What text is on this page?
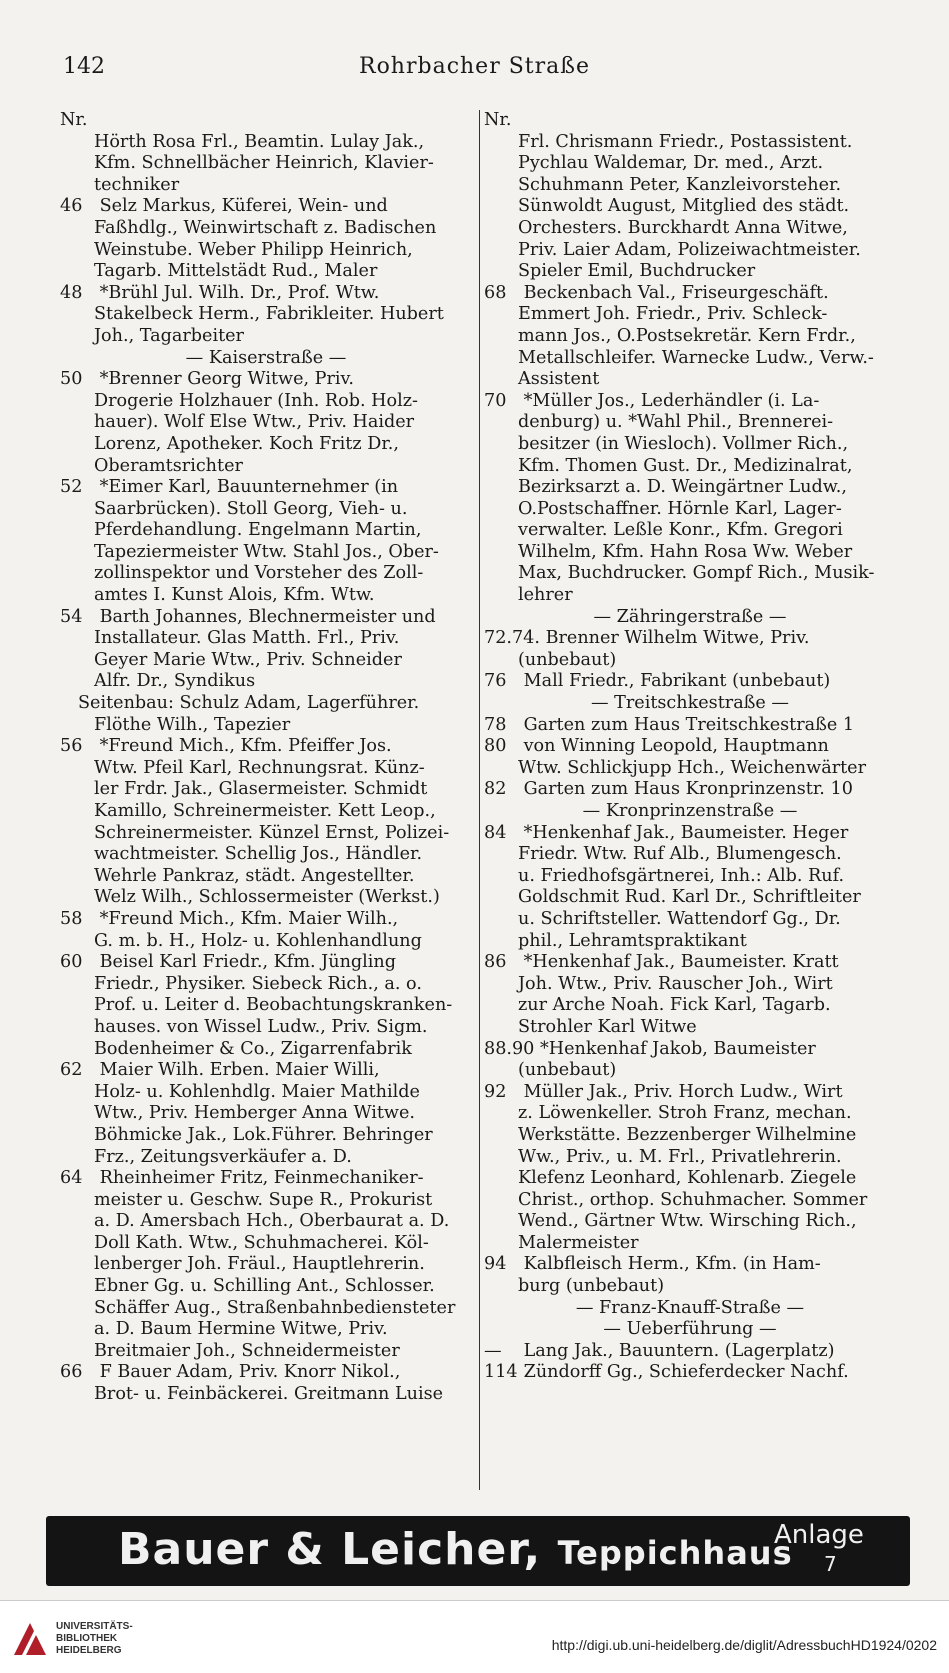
142	Rohrbacher Straße
Nr.
Hörth Rosa Frl., Beamtin. Lulay Jak.,
Kfm. Schnellbächer Heinrich, Klavier-
techniker
46 Selz Markus, Küferei, Wein- und
Faßhdlg., Weinwirtschaft z. Badischen
Weinstube. Weber Philipp Heinrich,
Tagarb. Mittelstädt Rud., Maler
48 *Brühl Jul. Wilh. Dr., Prof. Wtw.
Stakelbeck Herm., Fabrikleiter. Hubert
Joh., Tagarbeiter
— Kaiserstraße —
50 *Brenner Georg Witwe, Priv.
Drogerie Holzhauer (Inh. Rob. Holz-
hauer). Wolf Else Wtw., Priv. Haider
Lorenz, Apotheker. Koch Fritz Dr.,
Oberamtsrichter
52 *Eimer Karl, Bauunternehmer (in
Saarbrücken). Stoll Georg, Vieh- u.
Pferdehandlung. Engelmann Martin,
Tapeziermeister Wtw. Stahl Jos., Ober-
zollinspektor und Vorsteher des Zoll-
amtes I. Kunst Alois, Kfm. Wtw.
54 Barth Johannes, Blechnermeister und
Installateur. Glas Matth. Frl., Priv.
Geyer Marie Wtw., Priv. Schneider
Alfr. Dr., Syndikus
Seitenbau: Schulz Adam, Lagerführer.
Flöthe Wilh., Tapezier
56 *Freund Mich., Kfm. Pfeiffer Jos.
Wtw. Pfeil Karl, Rechnungsrat. Künz-
ler Frdr. Jak., Glasermeister. Schmidt
Kamillo, Schreinermeister. Kett Leop.,
Schreinermeister. Künzel Ernst, Polizei-
wachtmeister. Schellig Jos., Händler.
Wehrle Pankraz, städt. Angestellter.
Welz Wilh., Schlossermeister (Werkst.)
58 *Freund Mich., Kfm. Maier Wilh.,
G. m. b. H., Holz- u. Kohlenhandlung
60 Beisel Karl Friedr., Kfm. Jüngling
Friedr., Physiker. Siebeck Rich., a. o.
Prof. u. Leiter d. Beobachtungskranken-
hauses. von Wissel Ludw., Priv. Sigm.
Bodenheimer & Co., Zigarrenfabrik
62 Maier Wilh. Erben. Maier Willi,
Holz- u. Kohlenhdlg. Maier Mathilde
Wtw., Priv. Hemberger Anna Witwe.
Böhmicke Jak., Lok.Führer. Behringer
Frz., Zeitungsverkäufer a. D.
64 Rheinheimer Fritz, Feinmechaniker-
meister u. Geschw. Supe R., Prokurist
a. D. Amersbach Hch., Oberbaurat a. D.
Doll Kath. Wtw., Schuhmacherei. Köl-
lenberger Joh. Fräul., Hauptlehrerin.
Ebner Gg. u. Schilling Ant., Schlosser.
Schäffer Aug., Straßenbahnbediensteter
a. D. Baum Hermine Witwe, Priv.
Breitmaier Joh., Schneidermeister
66 F Bauer Adam, Priv. Knorr Nikol.,
Brot- u. Feinbäckerei. Greitmann Luise
Nr.
Frl. Chrismann Friedr., Postassistent.
Pychlau Waldemar, Dr. med., Arzt.
Schuhmann Peter, Kanzleivorsteher.
Sünwoldt August, Mitglied des städt.
Orchesters. Burckhardt Anna Witwe,
Priv. Laier Adam, Polizeiwachtmeister.
Spieler Emil, Buchdrucker
68 Beckenbach Val., Friseurgeschäft.
Emmert Joh. Friedr., Priv. Schleck-
mann Jos., O.Postsekretär. Kern Frdr.,
Metallschleifer. Warnecke Ludw., Verw.-
Assistent
70 *Müller Jos., Lederhändler (i. La-
denburg) u. *Wahl Phil., Brennerei-
besitzer (in Wiesloch). Vollmer Rich.,
Kfm. Thomen Gust. Dr., Medizinalrat,
Bezirksarzt a. D. Weingärtner Ludw.,
O.Postschaffner. Hörnle Karl, Lager-
verwalter. Leßle Konr., Kfm. Gregori
Wilhelm, Kfm. Hahn Rosa Ww. Weber
Max, Buchdrucker. Gompf Rich., Musik-
lehrer
— Zähringerstraße —
72.74. Brenner Wilhelm Witwe, Priv.
(unbebaut)
76 Mall Friedr., Fabrikant (unbebaut)
— Treitschkestraße —
78 Garten zum Haus Treitschkestraße 1
80 von Winning Leopold, Hauptmann
Wtw. Schlickjupp Hch., Weichenwärter
82 Garten zum Haus Kronprinzenstr. 10
— Kronprinzenstraße —
84 *Henkenhaf Jak., Baumeister. Heger
Friedr. Wtw. Ruf Alb., Blumengesch.
u. Friedhofsgärtnerei, Inh.: Alb. Ruf.
Goldschmit Rud. Karl Dr., Schriftleiter
u. Schriftsteller. Wattendorf Gg., Dr.
phil., Lehramtspraktikant
86 *Henkenhaf Jak., Baumeister. Kratt
Joh. Wtw., Priv. Rauscher Joh., Wirt
zur Arche Noah. Fick Karl, Tagarb.
Strohler Karl Witwe
88.90 *Henkenhaf Jakob, Baumeister
(unbebaut)
92 Müller Jak., Priv. Horch Ludw., Wirt
z. Löwenkeller. Stroh Franz, mechan.
Werkstätte. Bezzenberger Wilhelmine
Ww., Priv., u. M. Frl., Privatlehrerin.
Klefenz Leonhard, Kohlenarb. Ziegele
Christ., orthop. Schuhmacher. Sommer
Wend., Gärtner Wtw. Wirsching Rich.,
Malermeister
94 Kalbfleisch Herm., Kfm. (in Ham-
burg (unbebaut)
— Franz-Knauff-Straße —
— Ueberführung —
— Lang Jak., Bauuntern. (Lagerplatz)
114 Zündorff Gg., Schieferdecker Nachf.
Bauer & Leicher, Teppichhaus
Anlage
7
UNIVERSITÄTS-
BIBLIOTHEK
HEIDELBERG	http://digi.ub.uni-heidelberg.de/diglit/AdressbuchHD1924/0202
